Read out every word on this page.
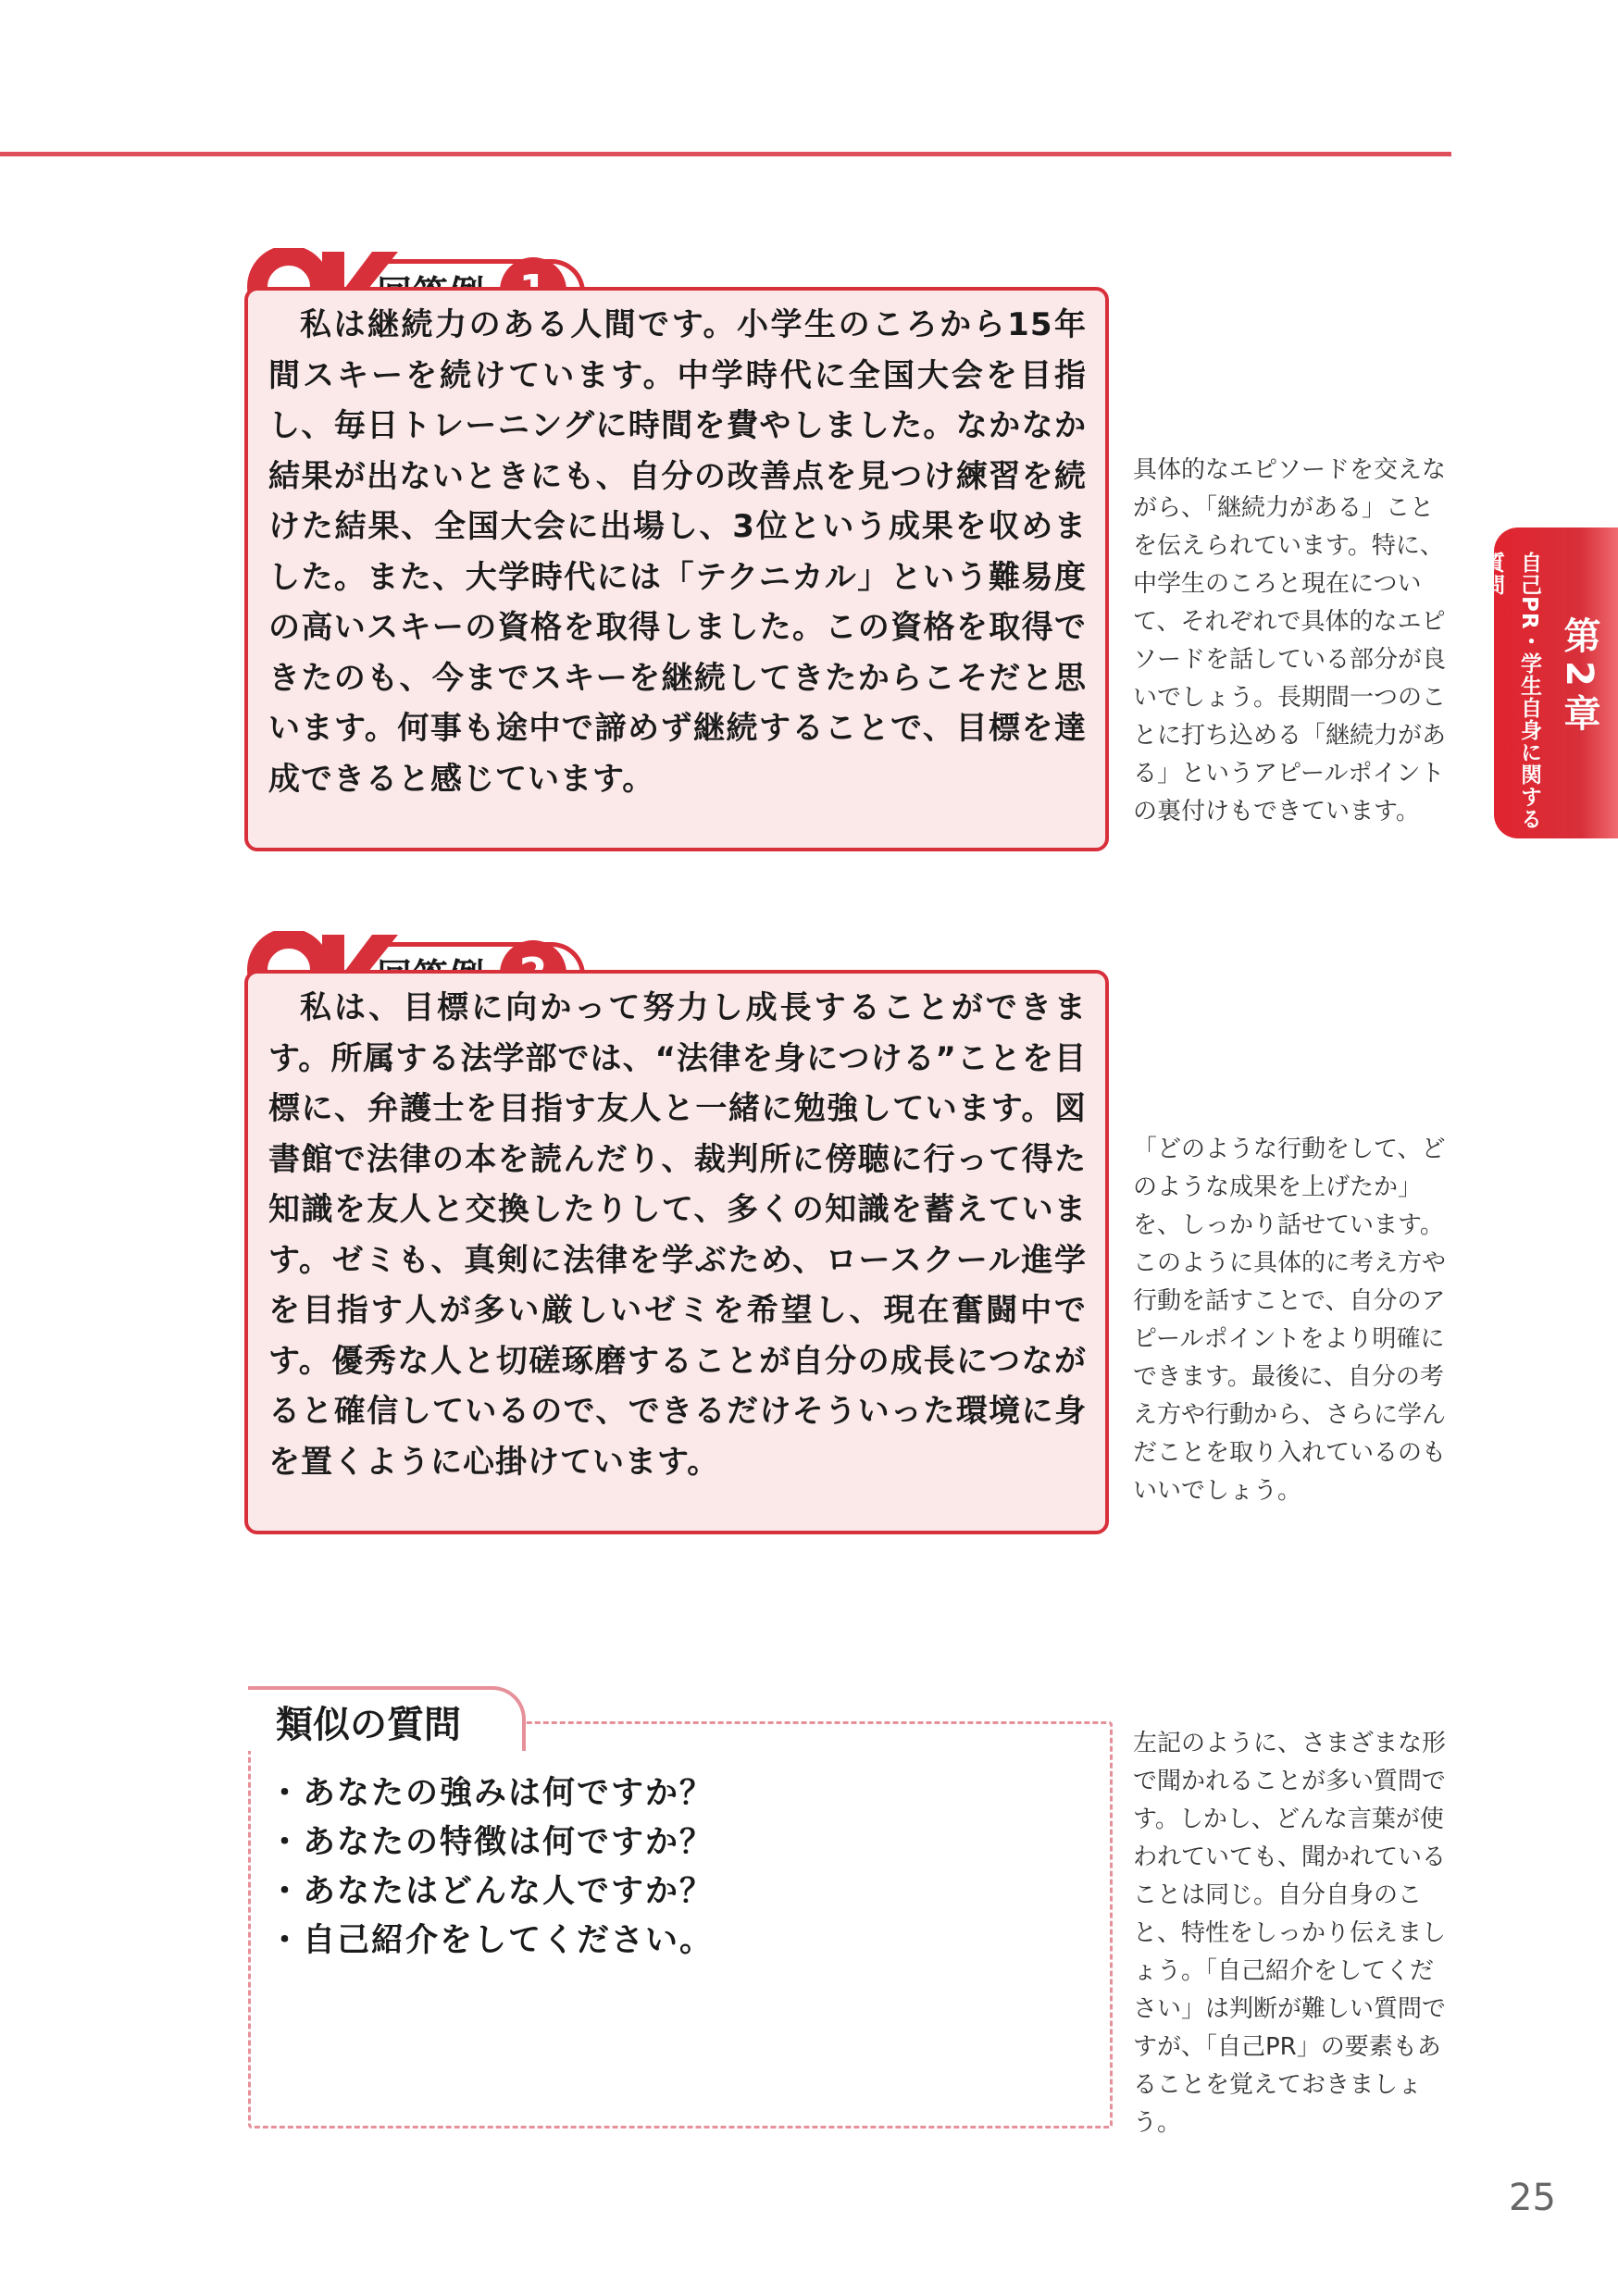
OK

私は継続力のある人間です。小学生のころから15年間スキーを続けています。中学時代に全国大会を目指し、毎日トレーニングに時間を費やしました。なかなか結果が出ないときにも、自分の改善点を見つけ練習を続けた結果、全国大会に出場し、3位という成果を収めました。また、大学時代には「テクニカル」という難易度の高いスキーの資格を取得しました。この資格を取得できたのも、今までスキーを継続してきたからこそだと思います。何事も途中で諦めず継続することで、目標を達成できると感じています。

具体的なエピソードを交えながら、「継続力がある」ことを伝えられています。特に、中学生のころと現在について、それぞれで具体的なエピソードを話している部分が良いでしょう。長期間一つのことに打ち込める「継続力がある」というアピールポイントの裏付けもできています。

OK

私は、目標に向かって努力し成長することができます。所属する法学部では、“法律を身につける”ことを目標に、弁護士を目指す友人と一緒に勉強しています。図書館で法律の本を読んだり、裁判所に傍聴に行って得た知識を友人と交換したりして、多くの知識を蓄えています。ゼミも、真剣に法律を学ぶため、ロースクール進学を目指す人が多い厳しいゼミを希望し、現在奮闘中です。優秀な人と切磋琢磨することが自分の成長につながると確信しているので、できるだけそういった環境に身を置くように心掛けています。

「どのような行動をして、どのような成果を上げたか」を、しっかり話せています。このように具体的に考え方や行動を話すことで、自分のアピールポイントをより明確にできます。最後に、自分の考え方や行動から、さらに学んだことを取り入れているのもいいでしょう。

自己PR・学生自身に関する質問
第2章
類似の質問
・ あなたの強みは何ですか？
・ あなたの特徴は何ですか？
・ あなたはどんな人ですか？
・ 自己紹介をしてください。

左記のように、さまざまな形で聞かれることが多い質問です。しかし、どんな言葉が使われていても、聞かれていることは同じ。自分自身のこと、特性をしっかり伝えましょう。「自己紹介をしてください」は判断が難しい質問ですが、「自己PR」の要素もあることを覚えておきましょう。

25
